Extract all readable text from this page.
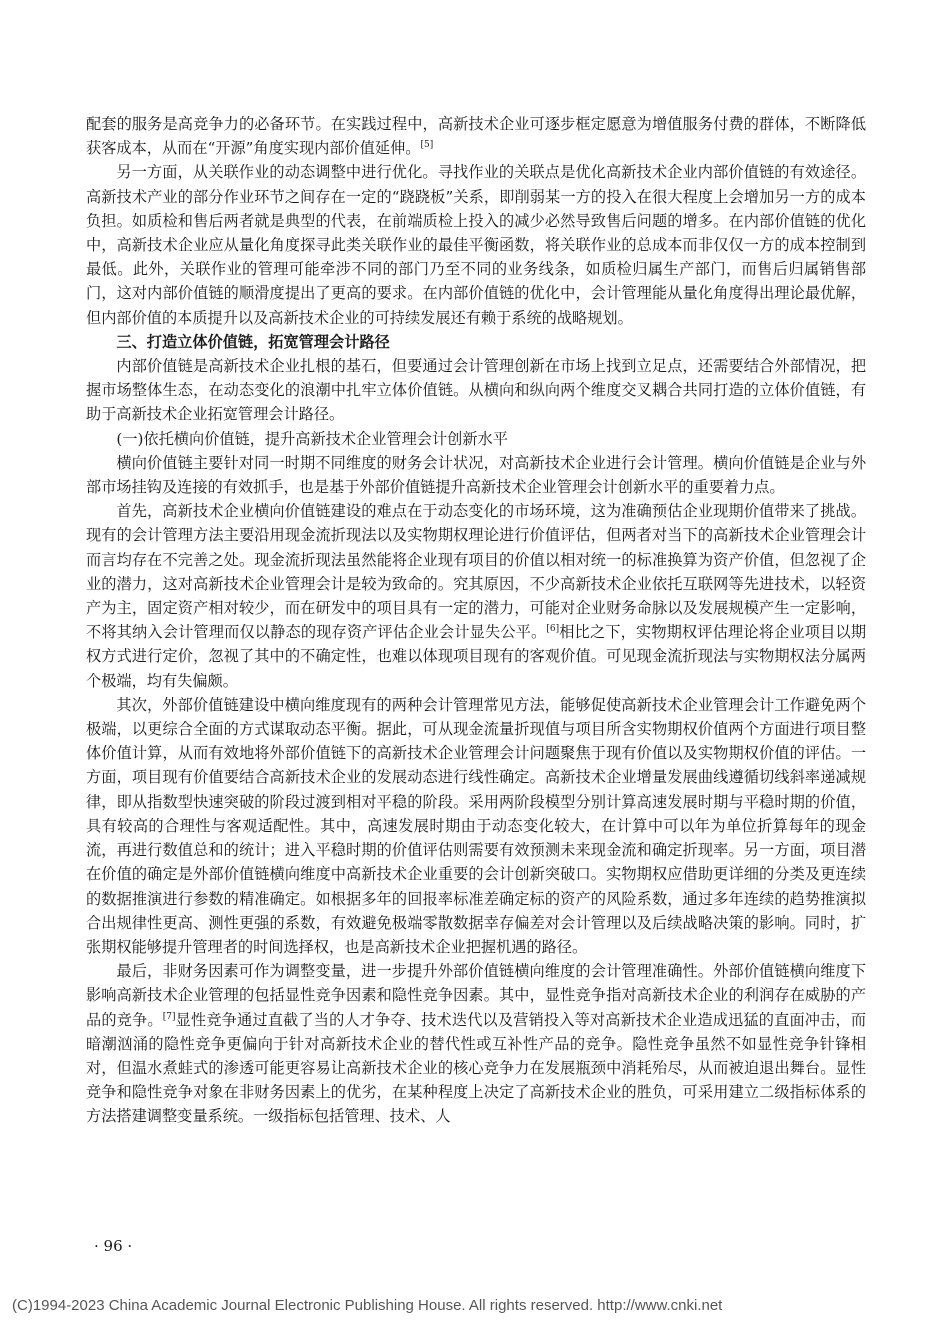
配套的服务是高竞争力的必备环节。在实践过程中，高新技术企业可逐步框定愿意为增值服务付费的群体，不断降低获客成本，从而在“开源”角度实现内部价值延伸。[5]

另一方面，从关联作业的动态调整中进行优化。寻找作业的关联点是优化高新技术企业内部价值链的有效途径。高新技术产业的部分作业环节之间存在一定的“跷跷板”关系，即削弱某一方的投入在很大程度上会增加另一方的成本负担。如质检和售后两者就是典型的代表，在前端质检上投入的减少必然导致售后问题的增多。在内部价值链的优化中，高新技术企业应从量化角度探寻此类关联作业的最佳平衡函数，将关联作业的总成本而非仅仅一方的成本控制到最低。此外，关联作业的管理可能牵涉不同的部门乃至不同的业务线条，如质检归属生产部门，而售后归属销售部门，这对内部价值链的顺滑度提出了更高的要求。在内部价值链的优化中，会计管理能从量化角度得出理论最优解，但内部价值的本质提升以及高新技术企业的可持续发展还有赖于系统的战略规划。

三、打造立体价值链，拓宽管理会计路径

内部价值链是高新技术企业扎根的基石，但要通过会计管理创新在市场上找到立足点，还需要结合外部情况，把握市场整体生态，在动态变化的浪潮中扎牢立体价值链。从横向和纵向两个维度交叉耦合共同打造的立体价值链，有助于高新技术企业拓宽管理会计路径。

(一)依托横向价值链，提升高新技术企业管理会计创新水平

横向价值链主要针对同一时期不同维度的财务会计状况，对高新技术企业进行会计管理。横向价值链是企业与外部市场挂钩及连接的有效抓手，也是基于外部价值链提升高新技术企业管理会计创新水平的重要着力点。

首先，高新技术企业横向价值链建设的难点在于动态变化的市场环境，这为准确预估企业现期价值带来了挑战。现有的会计管理方法主要沿用现金流折现法以及实物期权理论进行价值评估，但两者对当下的高新技术企业管理会计而言均存在不完善之处。现金流折现法虽然能将企业现有项目的价值以相对统一的标准换算为资产价值，但忽视了企业的潜力，这对高新技术企业管理会计是较为致命的。究其原因，不少高新技术企业依托互联网等先进技术，以轻资产为主，固定资产相对较少，而在研发中的项目具有一定的潜力，可能对企业财务命脉以及发展规模产生一定影响，不将其纳入会计管理而仅以静态的现存资产评估企业会计显失公平。[6]相比之下，实物期权评估理论将企业项目以期权方式进行定价，忽视了其中的不确定性，也难以体现项目现有的客观价值。可见现金流折现法与实物期权法分属两个极端，均有失偏颇。

其次，外部价值链建设中横向维度现有的两种会计管理常见方法，能够促使高新技术企业管理会计工作避免两个极端，以更综合全面的方式谋取动态平衡。据此，可从现金流量折现值与项目所含实物期权价值两个方面进行项目整体价值计算，从而有效地将外部价值链下的高新技术企业管理会计问题聚焦于现有价值以及实物期权价值的评估。一方面，项目现有价值要结合高新技术企业的发展动态进行线性确定。高新技术企业增量发展曲线遵循切线斜率递减规律，即从指数型快速突破的阶段过渡到相对平稳的阶段。采用两阶段模型分别计算高速发展时期与平稳时期的价值，具有较高的合理性与客观适配性。其中，高速发展时期由于动态变化较大，在计算中可以年为单位折算每年的现金流，再进行数值总和的统计；进入平稳时期的价值评估则需要有效预测未来现金流和确定折现率。另一方面，项目潜在价值的确定是外部价值链横向维度中高新技术企业重要的会计创新突破口。实物期权应借助更详细的分类及更连续的数据推演进行参数的精准确定。如根据多年的回报率标准差确定标的资产的风险系数，通过多年连续的趋势推演拟合出规律性更高、测性更强的系数，有效避免极端零散数据幸存偏差对会计管理以及后续战略决策的影响。同时，扩张期权能够提升管理者的时间选择权，也是高新技术企业把握机遇的路径。

最后，非财务因素可作为调整变量，进一步提升外部价值链横向维度的会计管理准确性。外部价值链横向维度下影响高新技术企业管理的包括显性竞争因素和隐性竞争因素。其中，显性竞争指对高新技术企业的利润存在威胁的产品的竞争。[7]显性竞争通过直截了当的人才争夺、技术迭代以及营销投入等对高新技术企业造成迅猛的直面冲击，而暗潮汹涌的隐性竞争更偏向于针对高新技术企业的替代性或互补性产品的竞争。隐性竞争虽然不如显性竞争针锋相对，但温水煮蛙式的渗透可能更容易让高新技术企业的核心竞争力在发展瓶颈中消耗殆尽，从而被迫退出舞台。显性竞争和隐性竞争对象在非财务因素上的优劣，在某种程度上决定了高新技术企业的胜负，可采用建立二级指标体系的方法搭建调整变量系统。一级指标包括管理、技术、人

· 96 ·
(C)1994-2023 China Academic Journal Electronic Publishing House. All rights reserved. http://www.cnki.net
